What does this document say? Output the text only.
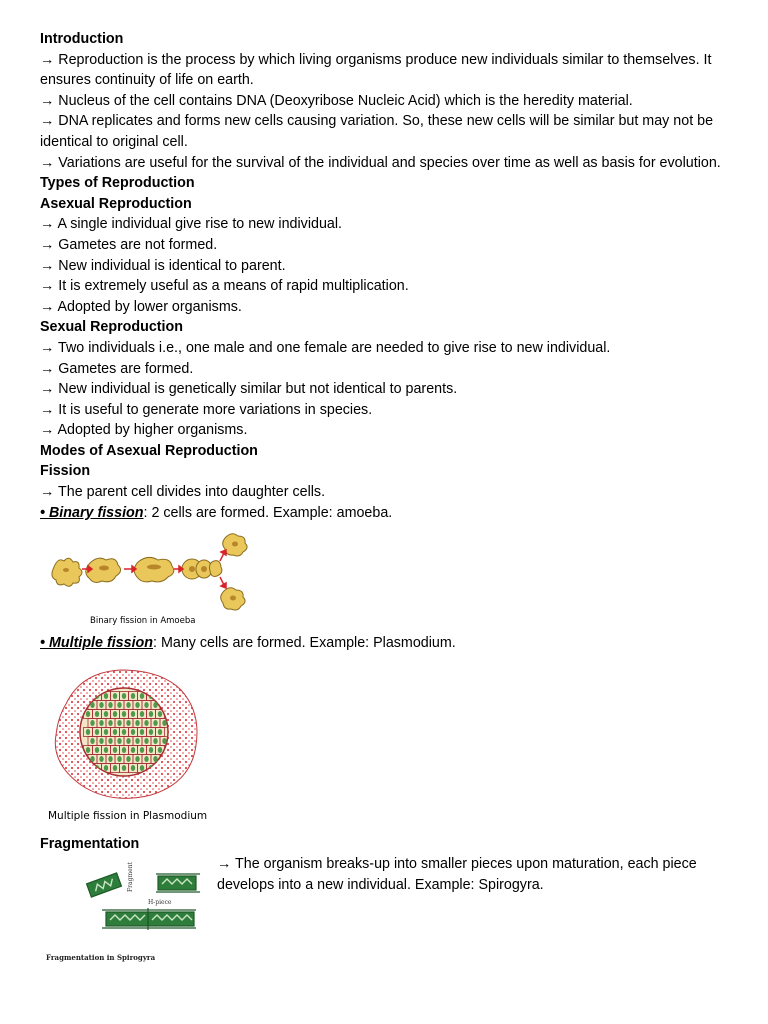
Introduction

→ Reproduction is the process by which living organisms produce new individuals similar to themselves. It ensures continuity of life on earth.

→ Nucleus of the cell contains DNA (Deoxyribose Nucleic Acid) which is the heredity material.

→ DNA replicates and forms new cells causing variation. So, these new cells will be similar but may not be identical to original cell.

→ Variations are useful for the survival of the individual and species over time as well as basis for evolution.

Types of Reproduction

Asexual Reproduction

→ A single individual give rise to new individual.

→ Gametes are not formed.

→ New individual is identical to parent.

→ It is extremely useful as a means of rapid multiplication.

→ Adopted by lower organisms.

Sexual Reproduction

→ Two individuals i.e., one male and one female are needed to give rise to new individual.

→ Gametes are formed.

→ New individual is genetically similar but not identical to parents.

→ It is useful to generate more variations in species.

→ Adopted by higher organisms.

Modes of Asexual Reproduction

Fission

→ The parent cell divides into daughter cells.

• Binary fission: 2 cells are formed. Example: amoeba.

Binary fission in Amoeba

• Multiple fission: Many cells are formed. Example: Plasmodium.

Multiple fission in Plasmodium

Fragmentation

Fragment
H-piece
Fragmentation in Spirogyra

→ The organism breaks-up into smaller pieces upon maturation, each piece develops into a new individual. Example: Spirogyra.
